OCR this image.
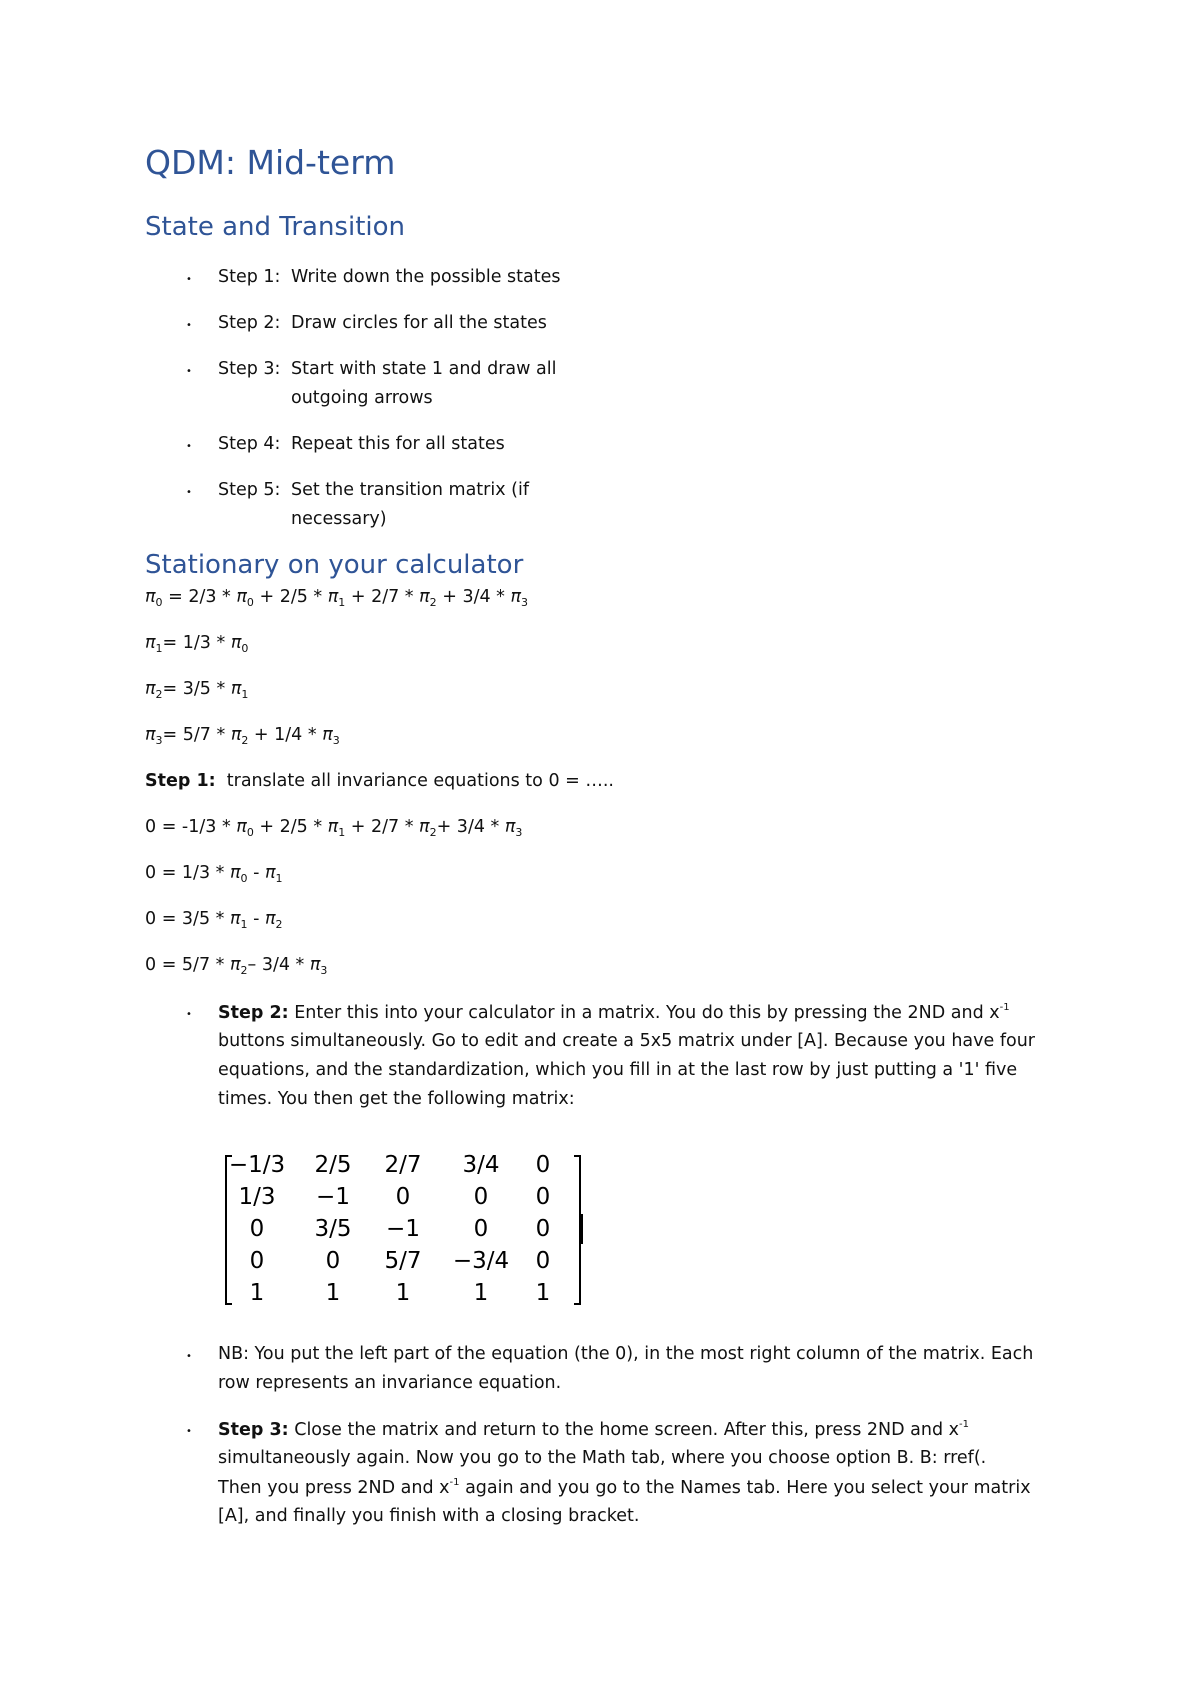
QDM: Mid-term
State and Transition
• Step 1: Write down the possible states
• Step 2: Draw circles for all the states
• Step 3: Start with state 1 and draw all
outgoing arrows
• Step 4: Repeat this for all states
• Step 5: Set the transition matrix (if
necessary)
Stationary on your calculator
$\pi_0 = 2/3 * \pi_0 + 2/5 * \pi_1 + 2/7 * \pi_2 + 3/4 * \pi_3$
$\pi_1= 1/3 * \pi_0$
$\pi_2= 3/5 * \pi_1$
$\pi_3= 5/7 * \pi_2 + 1/4 * \pi_3$
Step 1: translate all invariance equations to 0 = …..
$0 = -1/3 * \pi_0 + 2/5 * \pi_1 + 2/7 * \pi_2+ 3/4 * \pi_3$
$0 = 1/3 * \pi_0 - \pi_1$
$0 = 3/5 * \pi_1 - \pi_2$
$0 = 5/7 * \pi_2-$ $3/4 * \pi_3$
• Step 2: Enter this into your calculator in a matrix. You do this by pressing the 2ND and $x^{-1}$
buttons simultaneously. Go to edit and create a 5x5 matrix under [A]. Because you have four
equations, and the standardization, which you fill in at the last row by just putting a '1' five
times. You then get the following matrix:
−1/3	2/5	2/7	3/4	0
1/3	−1	0	0	0
0	3/5	−1	0	0
0	0	5/7	−3/4	0
1	1	1	1	1
• NB: You put the left part of the equation (the 0), in the most right column of the matrix. Each
row represents an invariance equation.
• Step 3: Close the matrix and return to the home screen. After this, press 2ND and $x^{-1}$
simultaneously again. Now you go to the Math tab, where you choose option B. B: rref(.
Then you press 2ND and $x^{-1}$ again and you go to the Names tab. Here you select your matrix
[A], and finally you finish with a closing bracket.
